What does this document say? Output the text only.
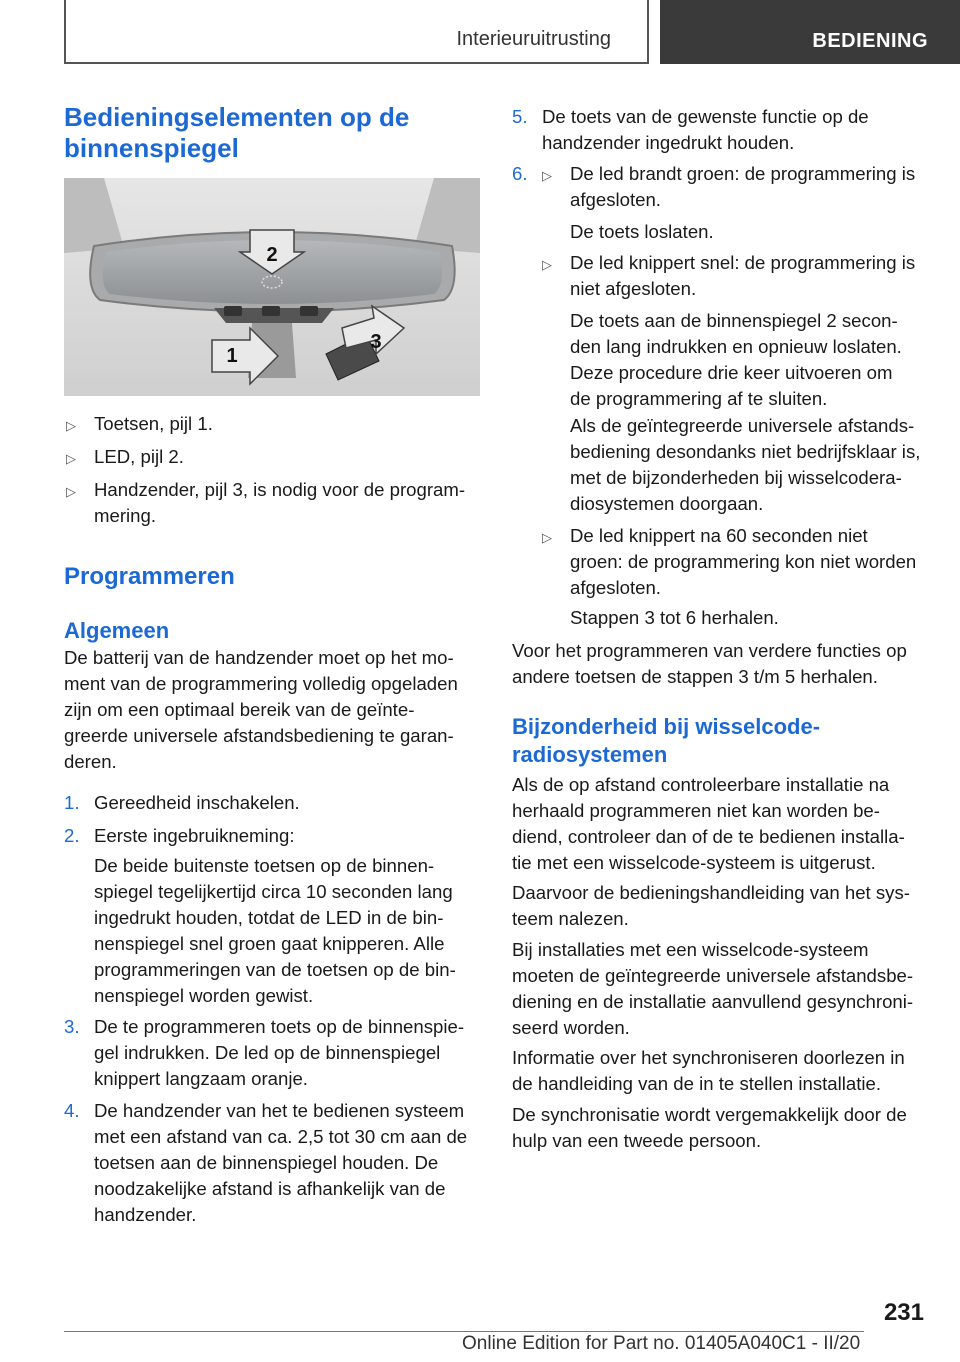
Interieuruitrusting	BEDIENING
Bedieningselementen op de binnenspiegel
2
1
3
▷ Toetsen, pijl 1.
▷ LED, pijl 2.
▷ Handzender, pijl 3, is nodig voor de program-
mering.
Programmeren
Algemeen
De batterij van de handzender moet op het mo-
ment van de programmering volledig opgeladen
zijn om een optimaal bereik van de geïnte-
greerde universele afstandsbediening te garan-
deren.
1. Gereedheid inschakelen.
2. Eerste ingebruikneming:
De beide buitenste toetsen op de binnen-
spiegel tegelijkertijd circa 10 seconden lang
ingedrukt houden, totdat de LED in de bin-
nenspiegel snel groen gaat knipperen. Alle
programmeringen van de toetsen op de bin-
nenspiegel worden gewist.
3. De te programmeren toets op de binnenspie-
gel indrukken. De led op de binnenspiegel
knippert langzaam oranje.
4. De handzender van het te bedienen systeem
met een afstand van ca. 2,5 tot 30 cm aan de
toetsen aan de binnenspiegel houden. De
noodzakelijke afstand is afhankelijk van de
handzender.
5. De toets van de gewenste functie op de
handzender ingedrukt houden.
6. ▷ De led brandt groen: de programmering is
afgesloten.
De toets loslaten.
▷ De led knippert snel: de programmering is
niet afgesloten.
De toets aan de binnenspiegel 2 secon-
den lang indrukken en opnieuw loslaten.
Deze procedure drie keer uitvoeren om
de programmering af te sluiten.
Als de geïntegreerde universele afstands-
bediening desondanks niet bedrijfsklaar is,
met de bijzonderheden bij wisselcodera-
diosystemen doorgaan.
▷ De led knippert na 60 seconden niet
groen: de programmering kon niet worden
afgesloten.
Stappen 3 tot 6 herhalen.
Voor het programmeren van verdere functies op
andere toetsen de stappen 3 t/m 5 herhalen.
Bijzonderheid bij wisselcode-
radiosystemen
Als de op afstand controleerbare installatie na
herhaald programmeren niet kan worden be-
diend, controleer dan of de te bedienen installa-
tie met een wisselcode-systeem is uitgerust.
Daarvoor de bedieningshandleiding van het sys-
teem nalezen.
Bij installaties met een wisselcode-systeem
moeten de geïntegreerde universele afstandsbe-
diening en de installatie aanvullend gesynchroni-
seerd worden.
Informatie over het synchroniseren doorlezen in
de handleiding van de in te stellen installatie.
De synchronisatie wordt vergemakkelijk door de
hulp van een tweede persoon.
231
Online Edition for Part no. 01405A040C1 - II/20
